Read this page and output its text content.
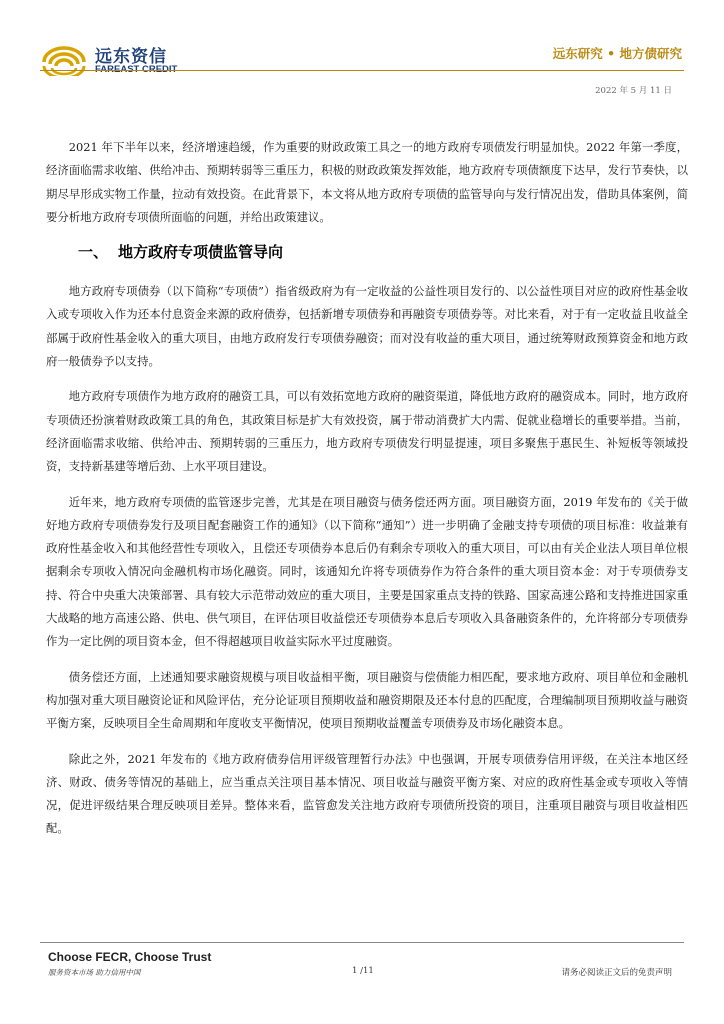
远东资信	远东研究 • 地方债研究
2022 年 5 月 11 日

2021 年下半年以来，经济增速趋缓，作为重要的财政政策工具之一的地方政府专项债发行明显加快。2022 年第一季度，经济面临需求收缩、供给冲击、预期转弱等三重压力，积极的财政政策发挥效能，地方政府专项债额度下达早，发行节奏快，以期尽早形成实物工作量，拉动有效投资。在此背景下，本文将从地方政府专项债的监管导向与发行情况出发，借助具体案例，简要分析地方政府专项债所面临的问题，并给出政策建议。

一、 地方政府专项债监管导向

地方政府专项债券（以下简称“专项债”）指省级政府为有一定收益的公益性项目发行的、以公益性项目对应的政府性基金收入或专项收入作为还本付息资金来源的政府债券，包括新增专项债券和再融资专项债券等。对比来看，对于有一定收益且收益全部属于政府性基金收入的重大项目，由地方政府发行专项债券融资；而对没有收益的重大项目，通过统筹财政预算资金和地方政府一般债券予以支持。

地方政府专项债作为地方政府的融资工具，可以有效拓宽地方政府的融资渠道，降低地方政府的融资成本。同时，地方政府专项债还扮演着财政政策工具的角色，其政策目标是扩大有效投资，属于带动消费扩大内需、促就业稳增长的重要举措。当前，经济面临需求收缩、供给冲击、预期转弱的三重压力，地方政府专项债发行明显提速，项目多聚焦于惠民生、补短板等领域投资，支持新基建等增后劲、上水平项目建设。

近年来，地方政府专项债的监管逐步完善，尤其是在项目融资与债务偿还两方面。项目融资方面，2019 年发布的《关于做好地方政府专项债券发行及项目配套融资工作的通知》（以下简称“通知”）进一步明确了金融支持专项债的项目标准：收益兼有政府性基金收入和其他经营性专项收入，且偿还专项债券本息后仍有剩余专项收入的重大项目，可以由有关企业法人项目单位根据剩余专项收入情况向金融机构市场化融资。同时，该通知允许将专项债券作为符合条件的重大项目资本金：对于专项债券支持、符合中央重大决策部署、具有较大示范带动效应的重大项目，主要是国家重点支持的铁路、国家高速公路和支持推进国家重大战略的地方高速公路、供电、供气项目，在评估项目收益偿还专项债券本息后专项收入具备融资条件的，允许将部分专项债券作为一定比例的项目资本金，但不得超越项目收益实际水平过度融资。

债务偿还方面，上述通知要求融资规模与项目收益相平衡，项目融资与偿债能力相匹配，要求地方政府、项目单位和金融机构加强对重大项目融资论证和风险评估，充分论证项目预期收益和融资期限及还本付息的匹配度，合理编制项目预期收益与融资平衡方案，反映项目全生命周期和年度收支平衡情况，使项目预期收益覆盖专项债券及市场化融资本息。

除此之外，2021 年发布的《地方政府债券信用评级管理暂行办法》中也强调，开展专项债券信用评级，在关注本地区经济、财政、债务等情况的基础上，应当重点关注项目基本情况、项目收益与融资平衡方案、对应的政府性基金或专项收入等情况，促进评级结果合理反映项目差异。整体来看，监管愈发关注地方政府专项债所投资的项目，注重项目融资与项目收益相匹配。

Choose FECR, Choose Trust
服务资本市场 助力信用中国	1 /11	请务必阅读正文后的免责声明
